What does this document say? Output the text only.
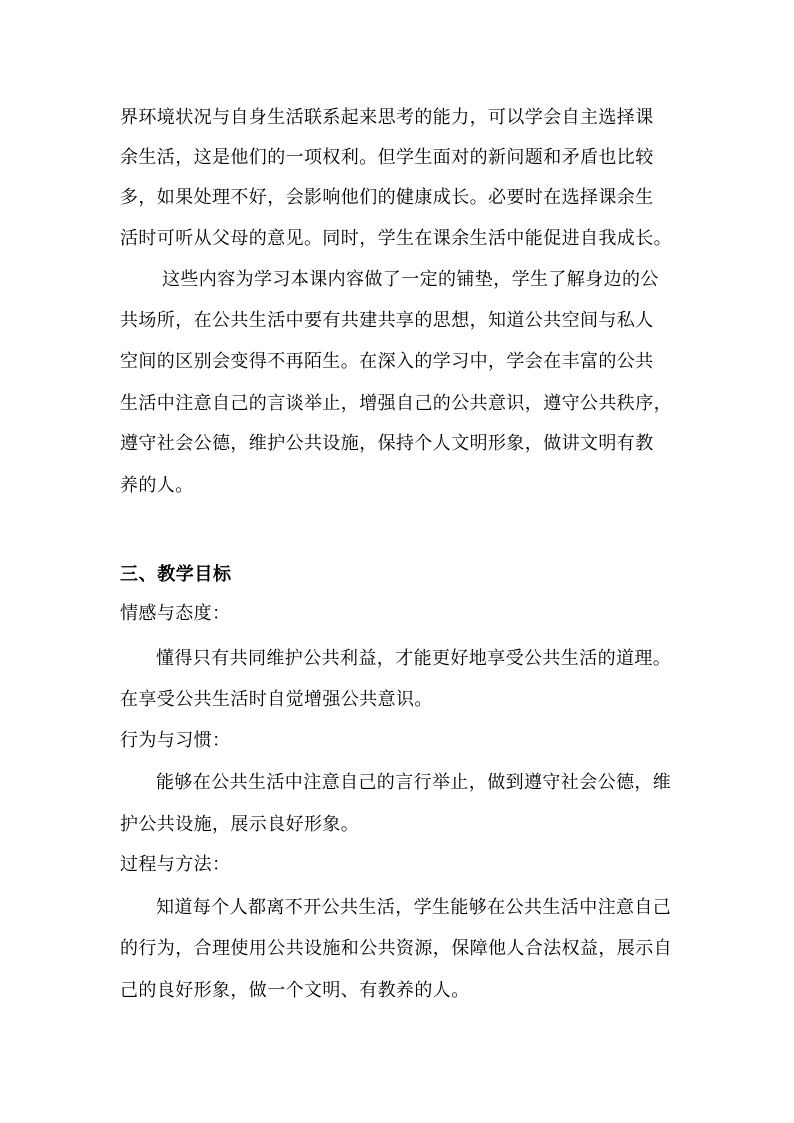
界环境状况与自身生活联系起来思考的能力，可以学会自主选择课
余生活，这是他们的一项权利。但学生面对的新问题和矛盾也比较
多，如果处理不好，会影响他们的健康成长。必要时在选择课余生
活时可听从父母的意见。同时，学生在课余生活中能促进自我成长。
这些内容为学习本课内容做了一定的铺垫，学生了解身边的公
共场所，在公共生活中要有共建共享的思想，知道公共空间与私人
空间的区别会变得不再陌生。在深入的学习中，学会在丰富的公共
生活中注意自己的言谈举止，增强自己的公共意识，遵守公共秩序，
遵守社会公德，维护公共设施，保持个人文明形象，做讲文明有教
养的人。
三、教学目标
情感与态度：
懂得只有共同维护公共利益，才能更好地享受公共生活的道理。
在享受公共生活时自觉增强公共意识。
行为与习惯：
能够在公共生活中注意自己的言行举止，做到遵守社会公德，维
护公共设施，展示良好形象。
过程与方法：
知道每个人都离不开公共生活，学生能够在公共生活中注意自己
的行为，合理使用公共设施和公共资源，保障他人合法权益，展示自
己的良好形象，做一个文明、有教养的人。
